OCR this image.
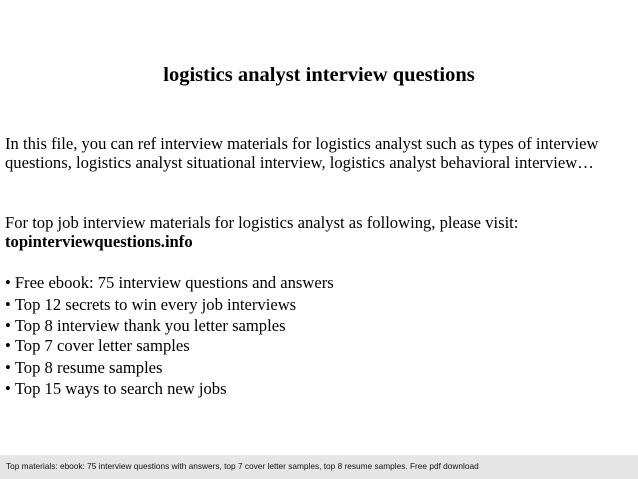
logistics analyst interview questions
In this file, you can ref interview materials for logistics analyst such as types of interview questions, logistics analyst situational interview, logistics analyst behavioral interview…
For top job interview materials for logistics analyst as following, please visit:
topinterviewquestions.info
• Free ebook: 75 interview questions and answers
• Top 12 secrets to win every job interviews
• Top 8 interview thank you letter samples
• Top 7 cover letter samples
• Top 8 resume samples
• Top 15 ways to search new jobs
Top materials: ebook: 75 interview questions with answers, top 7 cover letter samples, top 8 resume samples. Free pdf download
